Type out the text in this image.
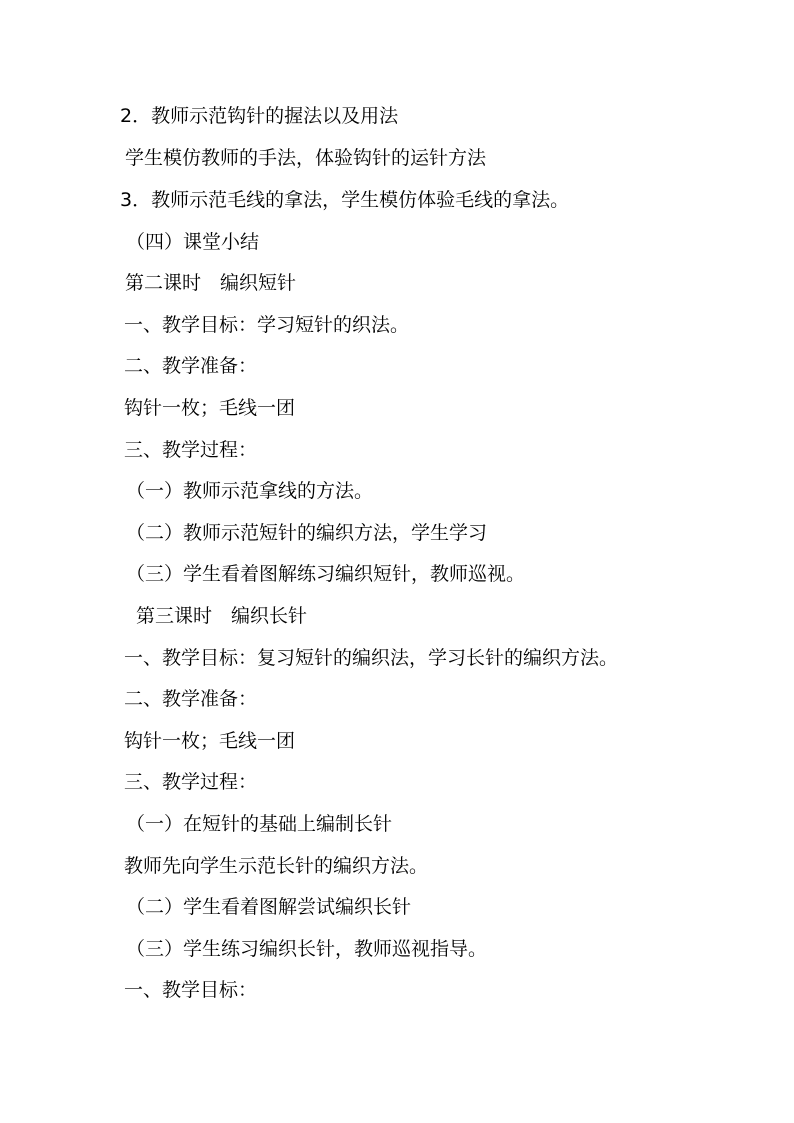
2．教师示范钩针的握法以及用法

学生模仿教师的手法，体验钩针的运针方法

3．教师示范毛线的拿法，学生模仿体验毛线的拿法。

（四）课堂小结

第二课时　编织短针

一、教学目标：学习短针的织法。

二、教学准备：

钩针一枚；毛线一团

三、教学过程：

（一）教师示范拿线的方法。

（二）教师示范短针的编织方法，学生学习

（三）学生看着图解练习编织短针，教师巡视。

第三课时　编织长针

一、教学目标：复习短针的编织法，学习长针的编织方法。

二、教学准备：

钩针一枚；毛线一团

三、教学过程：

（一）在短针的基础上编制长针

教师先向学生示范长针的编织方法。

（二）学生看着图解尝试编织长针

（三）学生练习编织长针，教师巡视指导。

一、教学目标：
